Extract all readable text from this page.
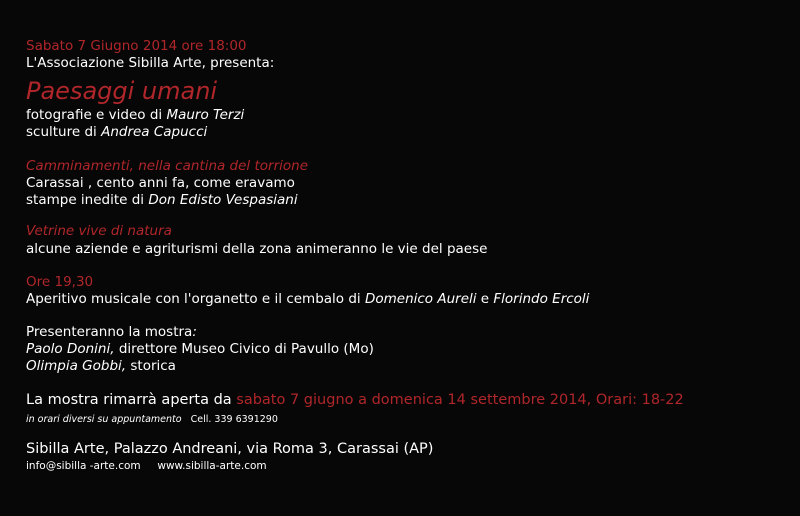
Sabato 7 Giugno 2014 ore 18:00
L'Associazione Sibilla Arte, presenta:
Paesaggi umani
fotografie e video di Mauro Terzi
sculture di Andrea Capucci
Camminamenti, nella cantina del torrione
Carassai , cento anni fa, come eravamo
stampe inedite di Don Edisto Vespasiani
Vetrine vive di natura
alcune aziende e agriturismi della zona animeranno le vie del paese
Ore 19,30
Aperitivo musicale con l'organetto e il cembalo di Domenico Aureli e Florindo Ercoli
Presenteranno la mostra:
Paolo Donini, direttore Museo Civico di Pavullo (Mo)
Olimpia Gobbi, storica
La mostra rimarrà aperta da sabato 7 giugno a domenica 14 settembre 2014, Orari: 18-22
in orari diversi su appuntamento Cell. 339 6391290
Sibilla Arte, Palazzo Andreani, via Roma 3, Carassai (AP)
info@sibilla -arte.com www.sibilla-arte.com
